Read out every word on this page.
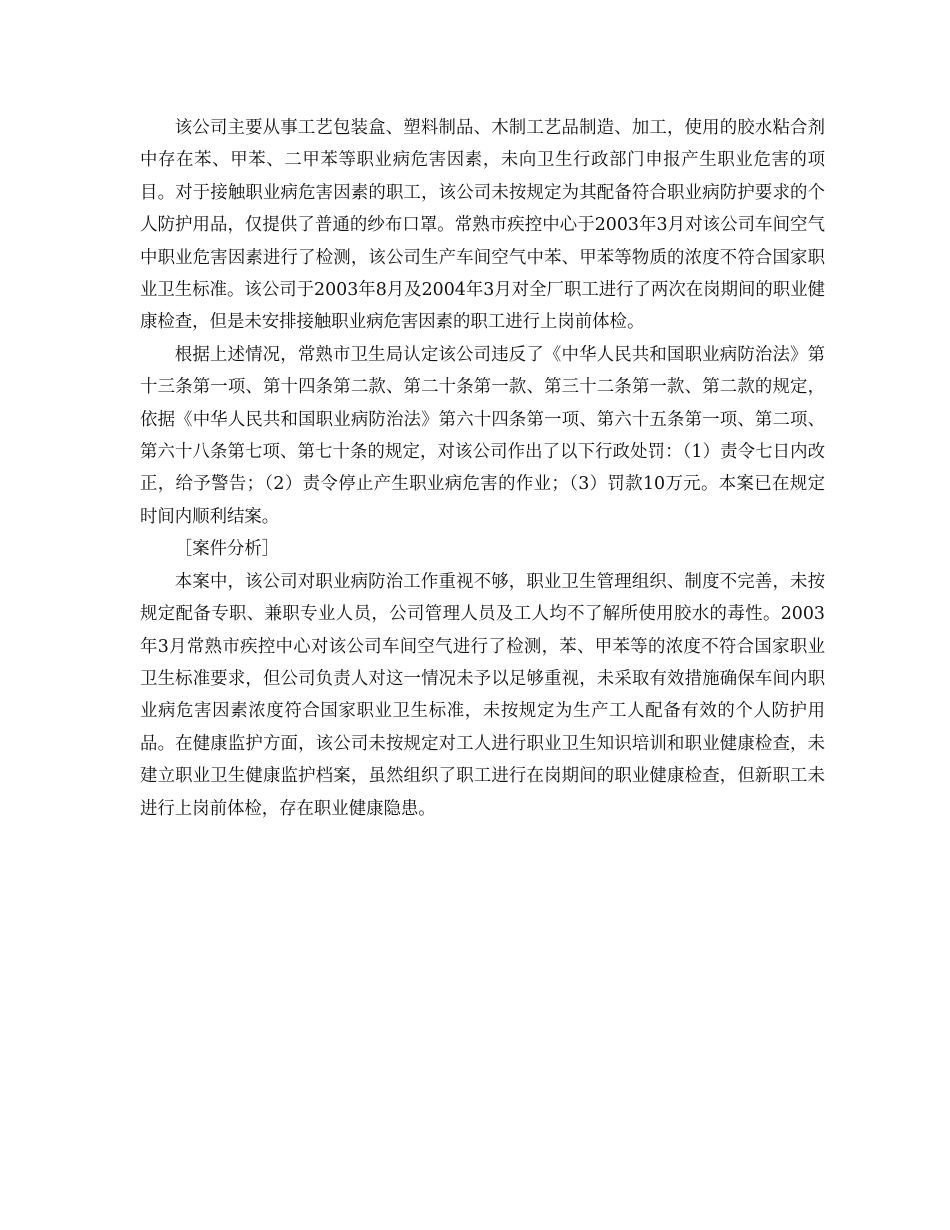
该公司主要从事工艺包装盒、塑料制品、木制工艺品制造、加工，使用的胶水粘合剂中存在苯、甲苯、二甲苯等职业病危害因素，未向卫生行政部门申报产生职业危害的项目。对于接触职业病危害因素的职工，该公司未按规定为其配备符合职业病防护要求的个人防护用品，仅提供了普通的纱布口罩。常熟市疾控中心于2003年3月对该公司车间空气中职业危害因素进行了检测，该公司生产车间空气中苯、甲苯等物质的浓度不符合国家职业卫生标准。该公司于2003年8月及2004年3月对全厂职工进行了两次在岗期间的职业健康检查，但是未安排接触职业病危害因素的职工进行上岗前体检。

根据上述情况，常熟市卫生局认定该公司违反了《中华人民共和国职业病防治法》第十三条第一项、第十四条第二款、第二十条第一款、第三十二条第一款、第二款的规定，依据《中华人民共和国职业病防治法》第六十四条第一项、第六十五条第一项、第二项、第六十八条第七项、第七十条的规定，对该公司作出了以下行政处罚：（1）责令七日内改正，给予警告；（2）责令停止产生职业病危害的作业；（3）罚款10万元。本案已在规定时间内顺利结案。

［案件分析］

本案中，该公司对职业病防治工作重视不够，职业卫生管理组织、制度不完善，未按规定配备专职、兼职专业人员，公司管理人员及工人均不了解所使用胶水的毒性。2003年3月常熟市疾控中心对该公司车间空气进行了检测，苯、甲苯等的浓度不符合国家职业卫生标准要求，但公司负责人对这一情况未予以足够重视，未采取有效措施确保车间内职业病危害因素浓度符合国家职业卫生标准，未按规定为生产工人配备有效的个人防护用品。在健康监护方面，该公司未按规定对工人进行职业卫生知识培训和职业健康检查，未建立职业卫生健康监护档案，虽然组织了职工进行在岗期间的职业健康检查，但新职工未进行上岗前体检，存在职业健康隐患。
